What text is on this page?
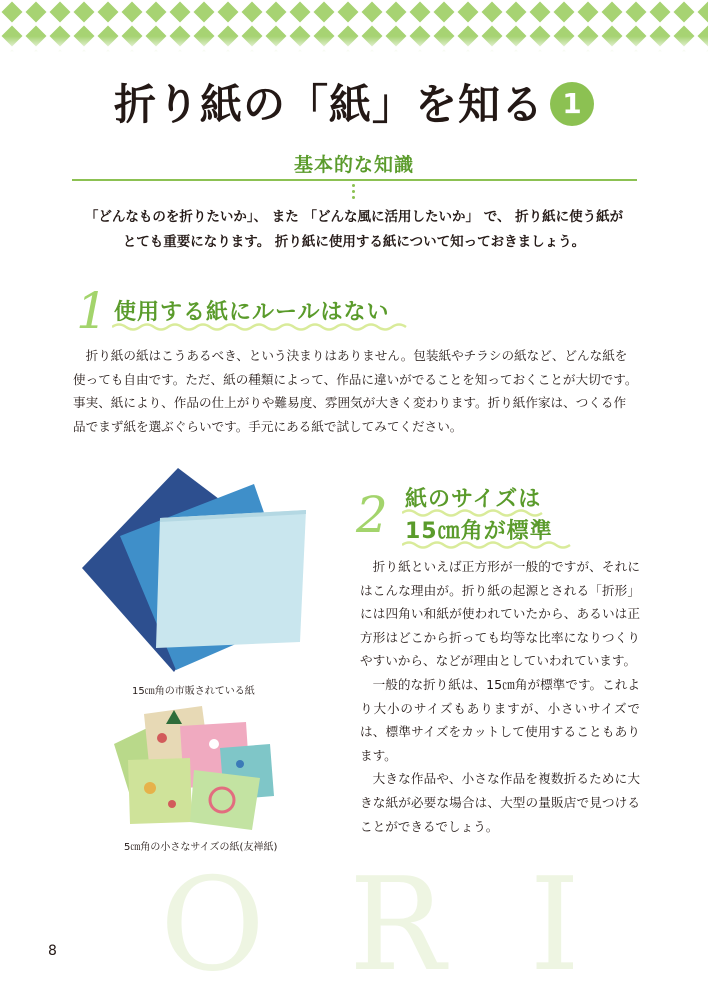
折り紙の「紙」を知る 1
基本的な知識
「どんなものを折りたいか」、 また 「どんな風に活用したいか」 で、 折り紙に使う紙が
とても重要になります。 折り紙に使用する紙について知っておきましょう。
1 使用する紙にルールはない
折り紙の紙はこうあるべき、という決まりはありません。包装紙やチラシの紙など、どんな紙を
使っても自由です。ただ、紙の種類によって、作品に違いがでることを知っておくことが大切です。
事実、紙により、作品の仕上がりや難易度、雰囲気が大きく変わります。折り紙作家は、つくる作
品でまず紙を選ぶぐらいです。手元にある紙で試してみてください。
15㎝角の市販されている紙
5㎝角の小さなサイズの紙(友禅紙)
2 紙のサイズは
15㎝角が標準

折り紙といえば正方形が一般的ですが、それにはこんな理由が。折り紙の起源とされる「折形」には四角い和紙が使われていたから、あるいは正方形はどこから折っても均等な比率になりつくりやすいから、などが理由としていわれています。

一般的な折り紙は、15㎝角が標準です。これより大小のサイズもありますが、小さいサイズでは、標準サイズをカットして使用することもあります。

大きな作品や、小さな作品を複数折るために大きな紙が必要な場合は、大型の量販店で見つけることができるでしょう。

O R I
8
